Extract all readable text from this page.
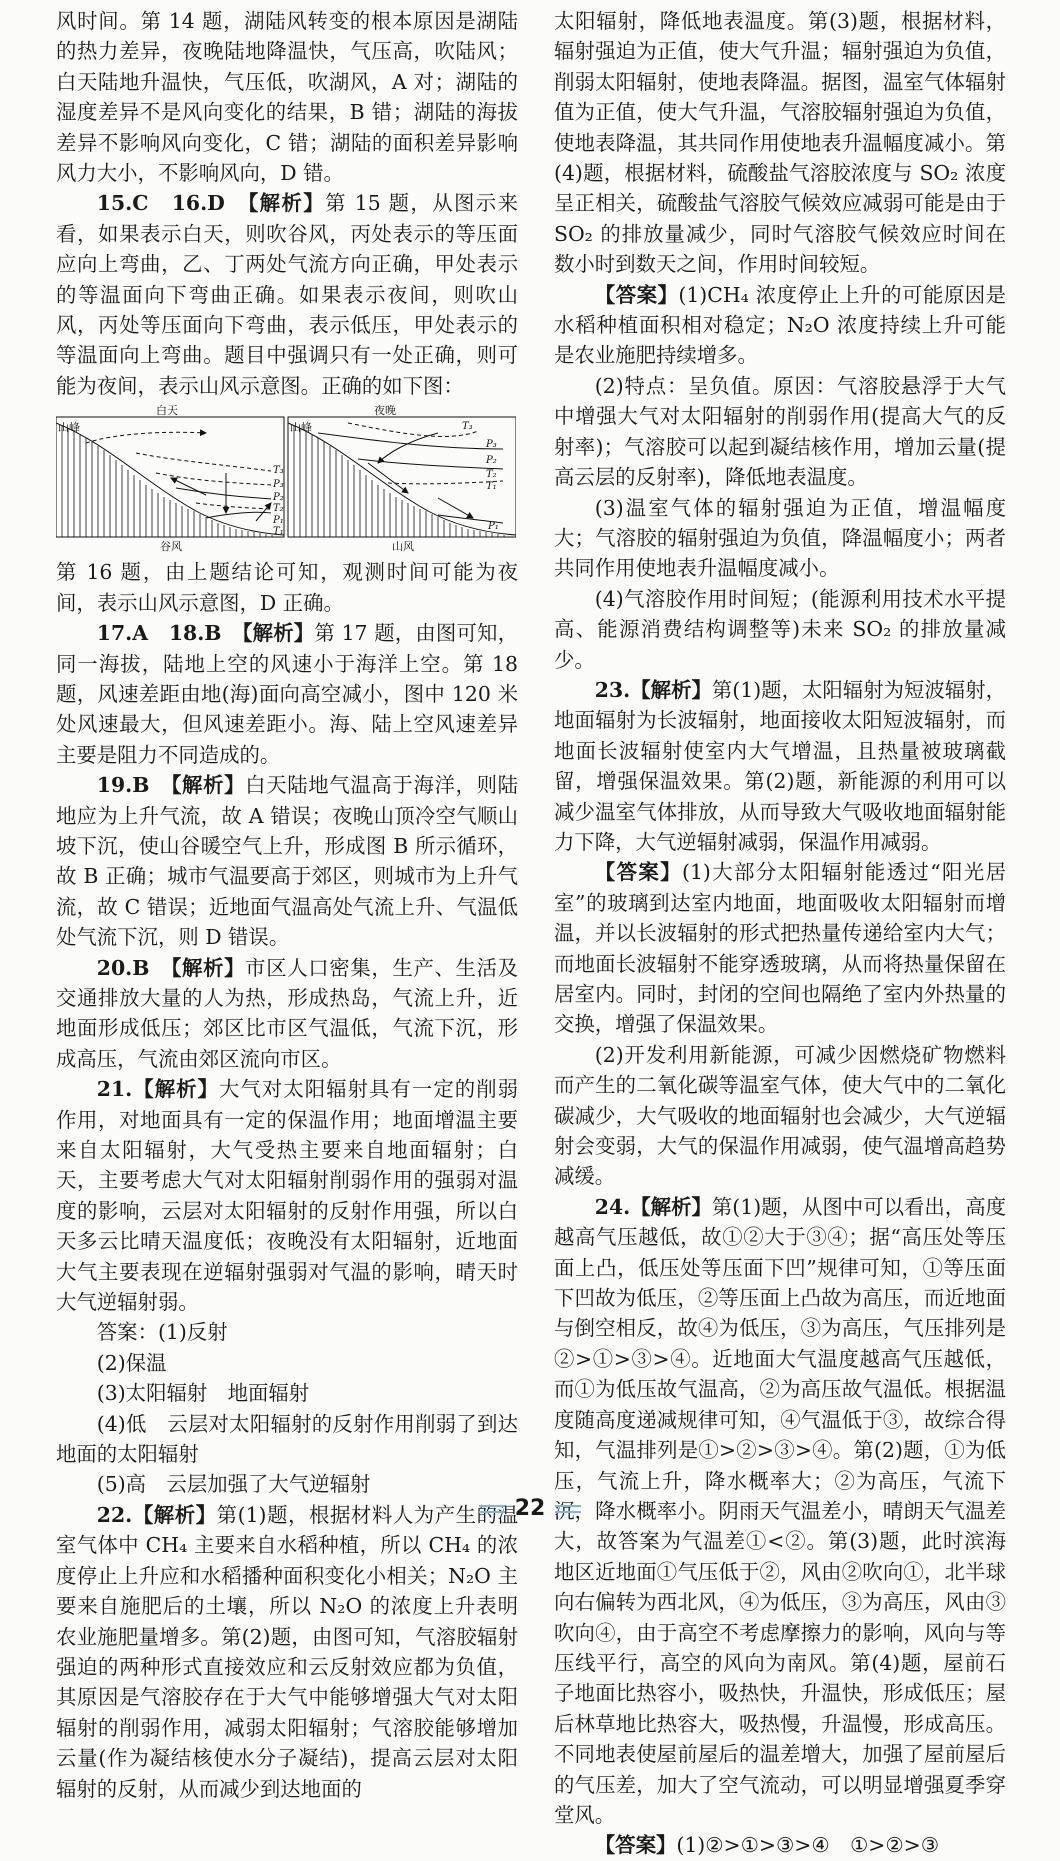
风时间。第 14 题，湖陆风转变的根本原因是湖陆的热力差异，夜晚陆地降温快，气压高，吹陆风；白天陆地升温快，气压低，吹湖风，A 对；湖陆的湿度差异不是风向变化的结果，B 错；湖陆的海拔差异不影响风向变化，C 错；湖陆的面积差异影响风力大小，不影响风向，D 错。

15.C　16.D　【解析】第 15 题，从图示来看，如果表示白天，则吹谷风，丙处表示的等压面应向上弯曲，乙、丁两处气流方向正确，甲处表示的等温面向下弯曲正确。如果表示夜间，则吹山风，丙处等压面向下弯曲，表示低压，甲处表示的等温面向上弯曲。题目中强调只有一处正确，则可能为夜间，表示山风示意图。正确的如下图：

白天
山峰
谷风
T₃
P₃
P₂
T₂
P₁
T₁
夜晚
山峰
山风
T₃
P₃
P₂
T₂
T₁
P₁

第 16 题，由上题结论可知，观测时间可能为夜间，表示山风示意图，D 正确。

17.A　18.B　【解析】第 17 题，由图可知，同一海拔，陆地上空的风速小于海洋上空。第 18 题，风速差距由地(海)面向高空减小，图中 120 米处风速最大，但风速差距小。海、陆上空风速差异主要是阻力不同造成的。

19.B　【解析】白天陆地气温高于海洋，则陆地应为上升气流，故 A 错误；夜晚山顶冷空气顺山坡下沉，使山谷暖空气上升，形成图 B 所示循环，故 B 正确；城市气温要高于郊区，则城市为上升气流，故 C 错误；近地面气温高处气流上升、气温低处气流下沉，则 D 错误。

20.B　【解析】市区人口密集，生产、生活及交通排放大量的人为热，形成热岛，气流上升，近地面形成低压；郊区比市区气温低，气流下沉，形成高压，气流由郊区流向市区。

21.【解析】大气对太阳辐射具有一定的削弱作用，对地面具有一定的保温作用；地面增温主要来自太阳辐射，大气受热主要来自地面辐射；白天，主要考虑大气对太阳辐射削弱作用的强弱对温度的影响，云层对太阳辐射的反射作用强，所以白天多云比晴天温度低；夜晚没有太阳辐射，近地面大气主要表现在逆辐射强弱对气温的影响，晴天时大气逆辐射弱。

答案：(1)反射

(2)保温

(3)太阳辐射　地面辐射

(4)低　云层对太阳辐射的反射作用削弱了到达地面的太阳辐射

(5)高　云层加强了大气逆辐射

22.【解析】第(1)题，根据材料人为产生的温室气体中 CH₄ 主要来自水稻种植，所以 CH₄ 的浓度停止上升应和水稻播种面积变化小相关；N₂O 主要来自施肥后的土壤，所以 N₂O 的浓度上升表明农业施肥量增多。第(2)题，由图可知，气溶胶辐射强迫的两种形式直接效应和云反射效应都为负值，其原因是气溶胶存在于大气中能够增强大气对太阳辐射的削弱作用，减弱太阳辐射；气溶胶能够增加云量(作为凝结核使水分子凝结)，提高云层对太阳辐射的反射，从而减少到达地面的

太阳辐射，降低地表温度。第(3)题，根据材料，辐射强迫为正值，使大气升温；辐射强迫为负值，削弱太阳辐射，使地表降温。据图，温室气体辐射值为正值，使大气升温，气溶胶辐射强迫为负值，使地表降温，其共同作用使地表升温幅度减小。第(4)题，根据材料，硫酸盐气溶胶浓度与 SO₂ 浓度呈正相关，硫酸盐气溶胶气候效应减弱可能是由于 SO₂ 的排放量减少，同时气溶胶气候效应时间在数小时到数天之间，作用时间较短。

【答案】(1)CH₄ 浓度停止上升的可能原因是水稻种植面积相对稳定；N₂O 浓度持续上升可能是农业施肥持续增多。

(2)特点：呈负值。原因：气溶胶悬浮于大气中增强大气对太阳辐射的削弱作用(提高大气的反射率)；气溶胶可以起到凝结核作用，增加云量(提高云层的反射率)，降低地表温度。

(3)温室气体的辐射强迫为正值，增温幅度大；气溶胶的辐射强迫为负值，降温幅度小；两者共同作用使地表升温幅度减小。

(4)气溶胶作用时间短；(能源利用技术水平提高、能源消费结构调整等)未来 SO₂ 的排放量减少。

23.【解析】第(1)题，太阳辐射为短波辐射，地面辐射为长波辐射，地面接收太阳短波辐射，而地面长波辐射使室内大气增温，且热量被玻璃截留，增强保温效果。第(2)题，新能源的利用可以减少温室气体排放，从而导致大气吸收地面辐射能力下降，大气逆辐射减弱，保温作用减弱。

【答案】(1)大部分太阳辐射能透过“阳光居室”的玻璃到达室内地面，地面吸收太阳辐射而增温，并以长波辐射的形式把热量传递给室内大气；而地面长波辐射不能穿透玻璃，从而将热量保留在居室内。同时，封闭的空间也隔绝了室内外热量的交换，增强了保温效果。

(2)开发利用新能源，可减少因燃烧矿物燃料而产生的二氧化碳等温室气体，使大气中的二氧化碳减少，大气吸收的地面辐射也会减少，大气逆辐射会变弱，大气的保温作用减弱，使气温增高趋势减缓。

24.【解析】第(1)题，从图中可以看出，高度越高气压越低，故①②大于③④；据“高压处等压面上凸，低压处等压面下凹”规律可知，①等压面下凹故为低压，②等压面上凸故为高压，而近地面与倒空相反，故④为低压，③为高压，气压排列是②>①>③>④。近地面大气温度越高气压越低，而①为低压故气温高，②为高压故气温低。根据温度随高度递减规律可知，④气温低于③，故综合得知，气温排列是①>②>③>④。第(2)题，①为低压，气流上升，降水概率大；②为高压，气流下沉，降水概率小。阴雨天气温差小，晴朗天气温差大，故答案为气温差①<②。第(3)题，此时滨海地区近地面①气压低于②，风由②吹向①，北半球向右偏转为西北风，④为低压，③为高压，风由③吹向④，由于高空不考虑摩擦力的影响，风向与等压线平行，高空的风向为南风。第(4)题，屋前石子地面比热容小，吸热快，升温快，形成低压；屋后林草地比热容大，吸热慢，升温慢，形成高压。不同地表使屋前屋后的温差增大，加强了屋前屋后的气压差，加大了空气流动，可以明显增强夏季穿堂风。

【答案】(1)②>①>③>④　①>②>③

22
